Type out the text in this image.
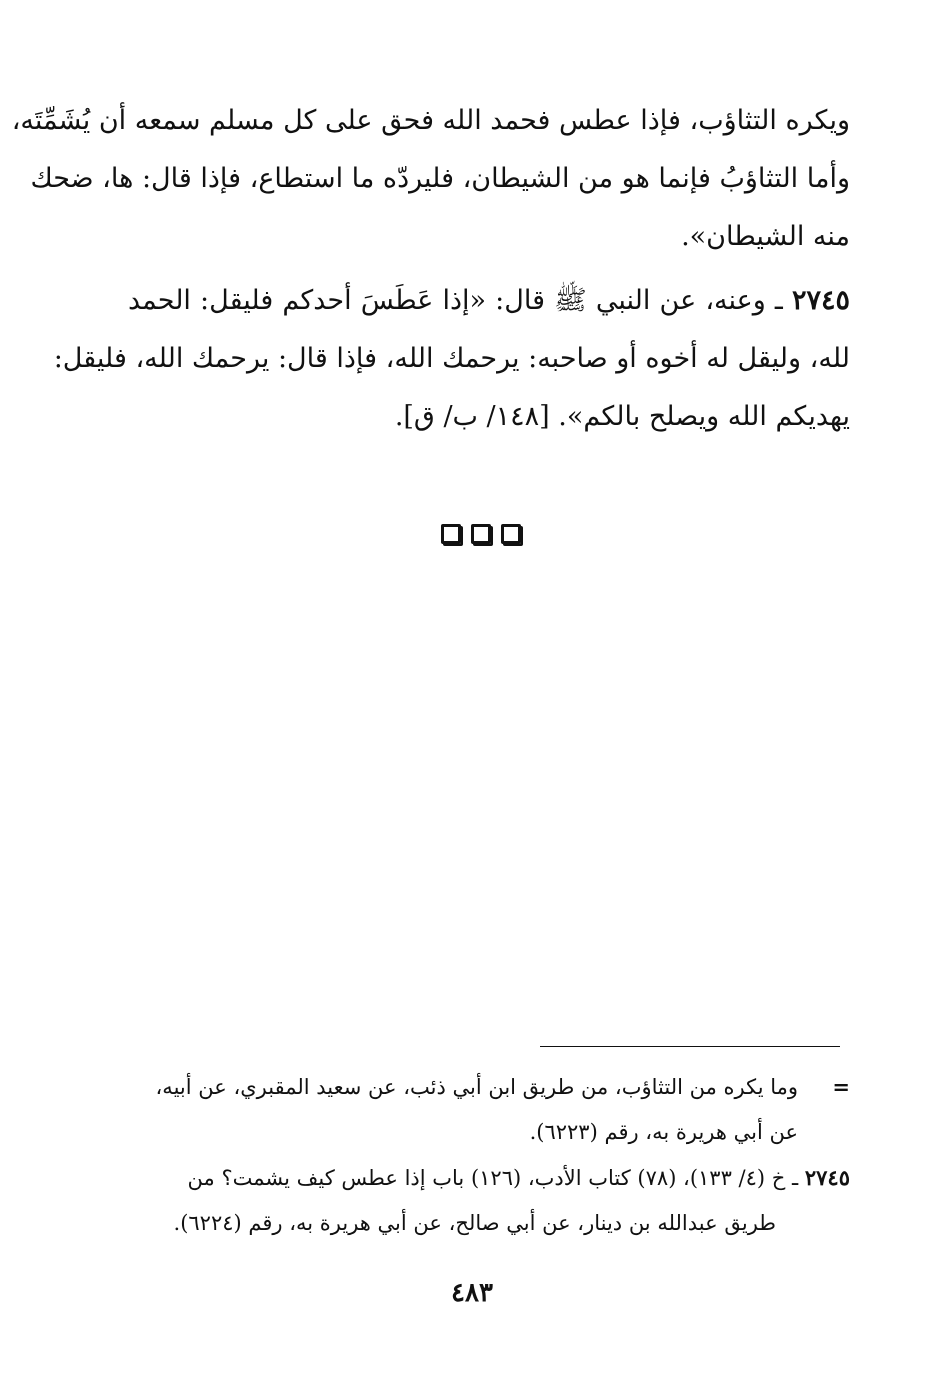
ويكره التثاؤب، فإذا عطس فحمد الله فحق على كل مسلم سمعه أن يُشَمِّتَه،
وأما التثاؤبُ فإنما هو من الشيطان، فليردّه ما استطاع، فإذا قال: ها، ضحك
منه الشيطان».

٢٧٤٥ ـ وعنه، عن النبي ﷺ قال: «إذا عَطَسَ أحدكم فليقل: الحمد
لله، وليقل له أخوه أو صاحبه: يرحمك الله، فإذا قال: يرحمك الله، فليقل:
يهديكم الله ويصلح بالكم». [١٤٨/ ب/ ق].

=وما يكره من التثاؤب، من طريق ابن أبي ذئب، عن سعيد المقبري، عن أبيه،
عن أبي هريرة به، رقم (٦٢٢٣).
٢٧٤٥ ـ خ (٤/ ١٣٣)، (٧٨) كتاب الأدب، (١٢٦) باب إذا عطس كيف يشمت؟ من
طريق عبدالله بن دينار، عن أبي صالح، عن أبي هريرة به، رقم (٦٢٢٤).
٤٨٣
